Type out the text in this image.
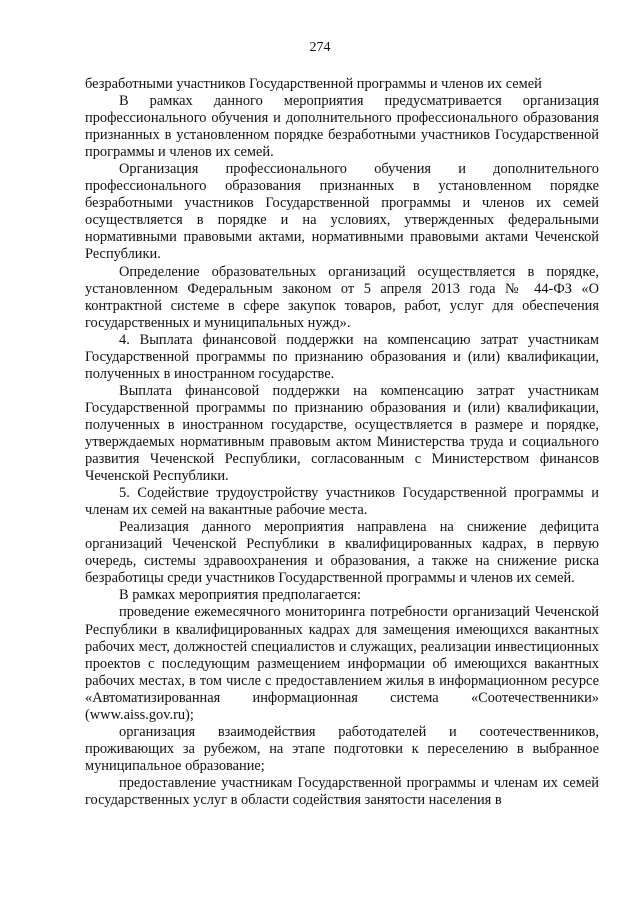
274

безработными участников Государственной программы и членов их семей

В рамках данного мероприятия предусматривается организация профессионального обучения и дополнительного профессионального образования признанных в установленном порядке безработными участников Государственной программы и членов их семей.

Организация профессионального обучения и дополнительного профессионального образования признанных в установленном порядке безработными участников Государственной программы и членов их семей осуществляется в порядке и на условиях, утвержденных федеральными нормативными правовыми актами, нормативными правовыми актами Чеченской Республики.

Определение образовательных организаций осуществляется в порядке, установленном Федеральным законом от 5 апреля 2013 года № 44-ФЗ «О контрактной системе в сфере закупок товаров, работ, услуг для обеспечения государственных и муниципальных нужд».

4. Выплата финансовой поддержки на компенсацию затрат участникам Государственной программы по признанию образования и (или) квалификации, полученных в иностранном государстве.

Выплата финансовой поддержки на компенсацию затрат участникам Государственной программы по признанию образования и (или) квалификации, полученных в иностранном государстве, осуществляется в размере и порядке, утверждаемых нормативным правовым актом Министерства труда и социального развития Чеченской Республики, согласованным с Министерством финансов Чеченской Республики.

5. Содействие трудоустройству участников Государственной программы и членам их семей на вакантные рабочие места.

Реализация данного мероприятия направлена на снижение дефицита организаций Чеченской Республики в квалифицированных кадрах, в первую очередь, системы здравоохранения и образования, а также на снижение риска безработицы среди участников Государственной программы и членов их семей.

В рамках мероприятия предполагается:

проведение ежемесячного мониторинга потребности организаций Чеченской Республики в квалифицированных кадрах для замещения имеющихся вакантных рабочих мест, должностей специалистов и служащих, реализации инвестиционных проектов с последующим размещением информации об имеющихся вакантных рабочих местах, в том числе с предоставлением жилья в информационном ресурсе «Автоматизированная информационная система «Соотечественники» (www.aiss.gov.ru);

организация взаимодействия работодателей и соотечественников, проживающих за рубежом, на этапе подготовки к переселению в выбранное муниципальное образование;

предоставление участникам Государственной программы и членам их семей государственных услуг в области содействия занятости населения в
